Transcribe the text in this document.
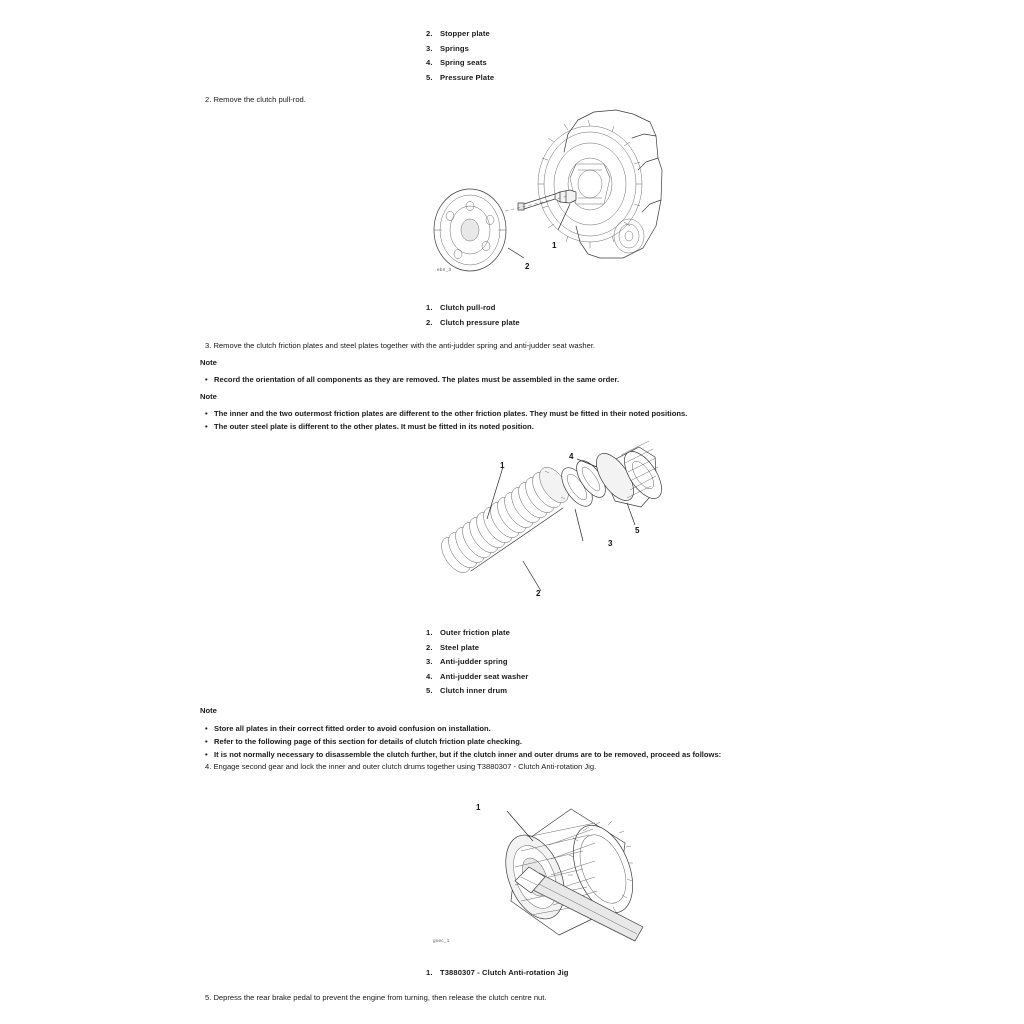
2. Stopper plate
3. Springs
4. Spring seats
5. Pressure Plate
2. Remove the clutch pull-rod.
1
2
ebn_3
1. Clutch pull-rod
2. Clutch pressure plate
3. Remove the clutch friction plates and steel plates together with the anti-judder spring and anti-judder seat washer.
Note
• Record the orientation of all components as they are removed. The plates must be assembled in the same order.
Note
• The inner and the two outermost friction plates are different to the other friction plates. They must be fitted in their noted positions.
• The outer steel plate is different to the other plates. It must be fitted in its noted position.
1
2
3
4
5
1. Outer friction plate
2. Steel plate
3. Anti-judder spring
4. Anti-judder seat washer
5. Clutch inner drum
Note
• Store all plates in their correct fitted order to avoid confusion on installation.
• Refer to the following page of this section for details of clutch friction plate checking.
• It is not normally necessary to disassemble the clutch further, but if the clutch inner and outer drums are to be removed, proceed as follows:
4. Engage second gear and lock the inner and outer clutch drums together using T3880307 - Clutch Anti-rotation Jig.
1
gxec_1
1. T3880307 - Clutch Anti-rotation Jig
5. Depress the rear brake pedal to prevent the engine from turning, then release the clutch centre nut.
